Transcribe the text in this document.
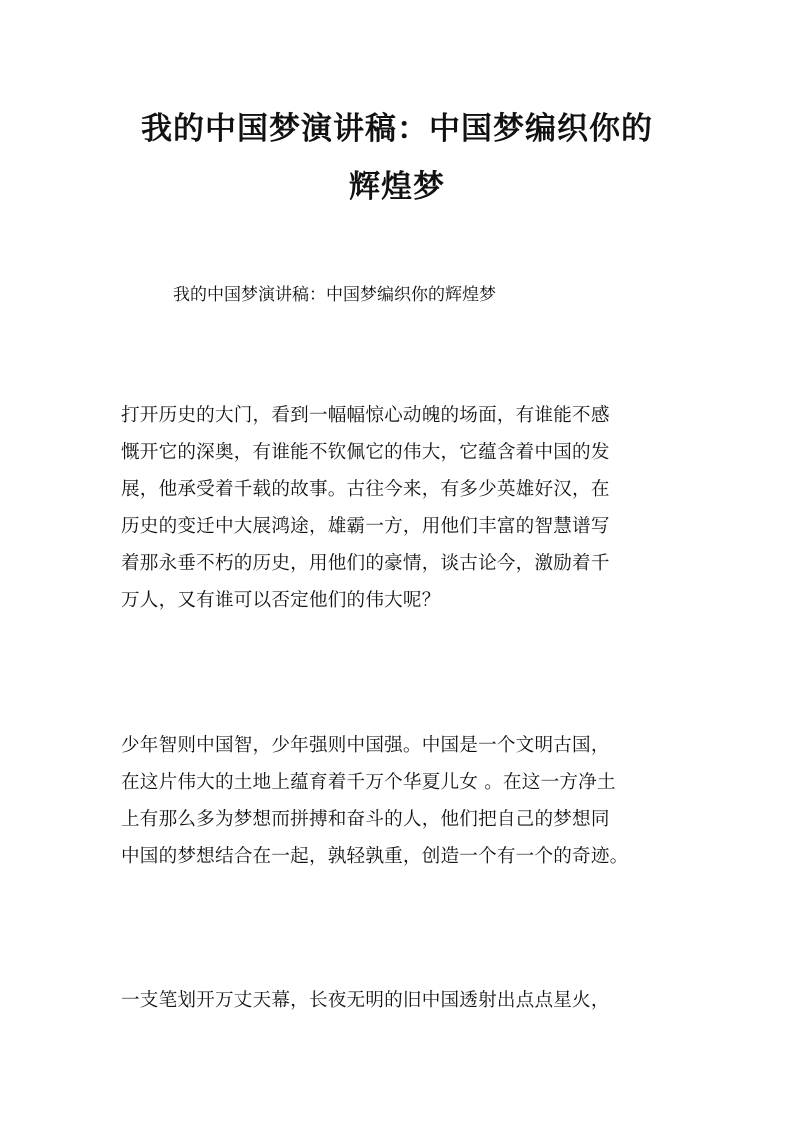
我的中国梦演讲稿：中国梦编织你的
辉煌梦

我的中国梦演讲稿：中国梦编织你的辉煌梦

打开历史的大门，看到一幅幅惊心动魄的场面，有谁能不感
慨开它的深奥，有谁能不钦佩它的伟大，它蕴含着中国的发
展，他承受着千载的故事。古往今来，有多少英雄好汉，在
历史的变迁中大展鸿途，雄霸一方，用他们丰富的智慧谱写
着那永垂不朽的历史，用他们的豪情，谈古论今，激励着千
万人，又有谁可以否定他们的伟大呢？
少年智则中国智，少年强则中国强。中国是一个文明古国，
在这片伟大的土地上蕴育着千万个华夏儿女 。在这一方净土
上有那么多为梦想而拼搏和奋斗的人，他们把自己的梦想同
中国的梦想结合在一起，孰轻孰重，创造一个有一个的奇迹。
一支笔划开万丈天幕，长夜无明的旧中国透射出点点星火，
